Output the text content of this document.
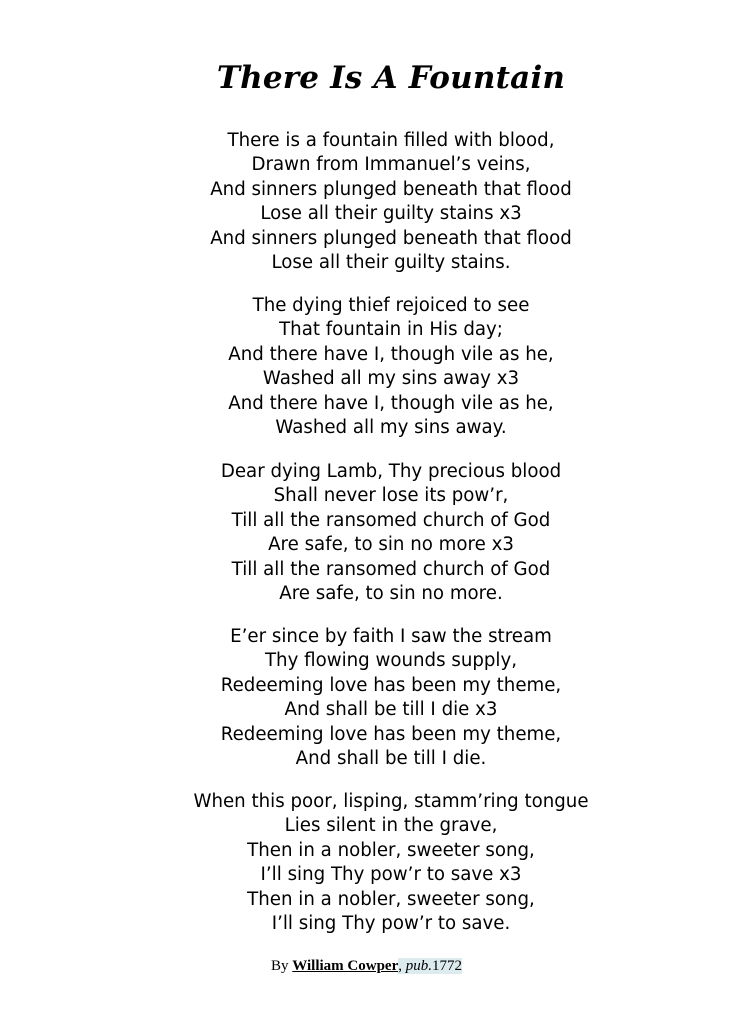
There Is A Fountain
There is a fountain filled with blood,
Drawn from Immanuel’s veins,
And sinners plunged beneath that flood
Lose all their guilty stains x3
And sinners plunged beneath that flood
Lose all their guilty stains.
The dying thief rejoiced to see
That fountain in His day;
And there have I, though vile as he,
Washed all my sins away x3
And there have I, though vile as he,
Washed all my sins away.
Dear dying Lamb, Thy precious blood
Shall never lose its pow’r,
Till all the ransomed church of God
Are safe, to sin no more x3
Till all the ransomed church of God
Are safe, to sin no more.
E’er since by faith I saw the stream
Thy flowing wounds supply,
Redeeming love has been my theme,
And shall be till I die x3
Redeeming love has been my theme,
And shall be till I die.
When this poor, lisping, stamm’ring tongue
Lies silent in the grave,
Then in a nobler, sweeter song,
I’ll sing Thy pow’r to save x3
Then in a nobler, sweeter song,
I’ll sing Thy pow’r to save.
By William Cowper, pub.1772
